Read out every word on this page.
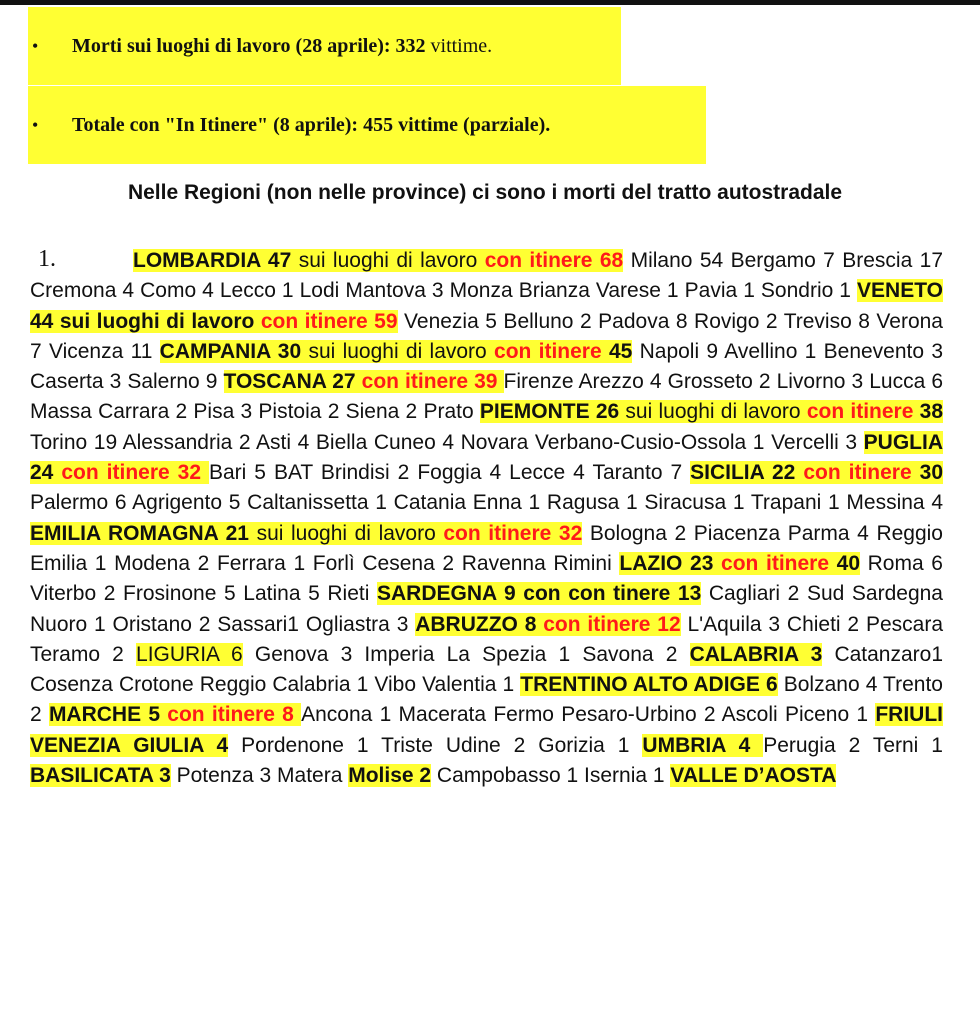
•	Morti sui luoghi di lavoro (28 aprile): 332 vittime.
•	Totale con "In Itinere" (8 aprile): 455 vittime (parziale).
Nelle Regioni (non nelle province) ci sono i morti del tratto autostradale
1.	LOMBARDIA 47 sui luoghi di lavoro con itinere 68 Milano 54 Bergamo 7 Brescia 17 Cremona 4 Como 4 Lecco 1 Lodi Mantova 3 Monza Brianza Varese 1 Pavia 1 Sondrio 1 VENETO 44 sui luoghi di lavoro con itinere 59 Venezia 5 Belluno 2 Padova 8 Rovigo 2 Treviso 8 Verona 7 Vicenza 11 CAMPANIA 30 sui luoghi di lavoro con itinere 45 Napoli 9 Avellino 1 Benevento 3 Caserta 3 Salerno 9 TOSCANA 27 con itinere 39 Firenze Arezzo 4 Grosseto 2 Livorno 3 Lucca 6 Massa Carrara 2 Pisa 3 Pistoia 2 Siena 2 Prato PIEMONTE 26 sui luoghi di lavoro con itinere 38 Torino 19 Alessandria 2 Asti 4 Biella Cuneo 4 Novara Verbano-Cusio-Ossola 1 Vercelli 3 PUGLIA 24 con itinere 32 Bari 5 BAT Brindisi 2 Foggia 4 Lecce 4 Taranto 7 SICILIA 22 con itinere 30 Palermo 6 Agrigento 5 Caltanissetta 1 Catania Enna 1 Ragusa 1 Siracusa 1 Trapani 1 Messina 4 EMILIA ROMAGNA 21 sui luoghi di lavoro con itinere 32 Bologna 2 Piacenza Parma 4 Reggio Emilia 1 Modena 2 Ferrara 1 Forlì Cesena 2 Ravenna Rimini LAZIO 23 con itinere 40 Roma 6 Viterbo 2 Frosinone 5 Latina 5 Rieti SARDEGNA 9 con con tinere 13 Cagliari 2 Sud Sardegna Nuoro 1 Oristano 2 Sassari1 Ogliastra 3 ABRUZZO 8 con itinere 12 L'Aquila 3 Chieti 2 Pescara Teramo 2 LIGURIA 6 Genova 3 Imperia La Spezia 1 Savona 2 CALABRIA 3 Catanzaro1 Cosenza Crotone Reggio Calabria 1 Vibo Valentia 1 TRENTINO ALTO ADIGE 6 Bolzano 4 Trento 2 MARCHE 5 con itinere 8 Ancona 1 Macerata Fermo Pesaro-Urbino 2 Ascoli Piceno 1 FRIULI VENEZIA GIULIA 4 Pordenone 1 Triste Udine 2 Gorizia 1 UMBRIA 4 Perugia 2 Terni 1 BASILICATA 3 Potenza 3 Matera Molise 2 Campobasso 1 Isernia 1 VALLE D’AOSTA
